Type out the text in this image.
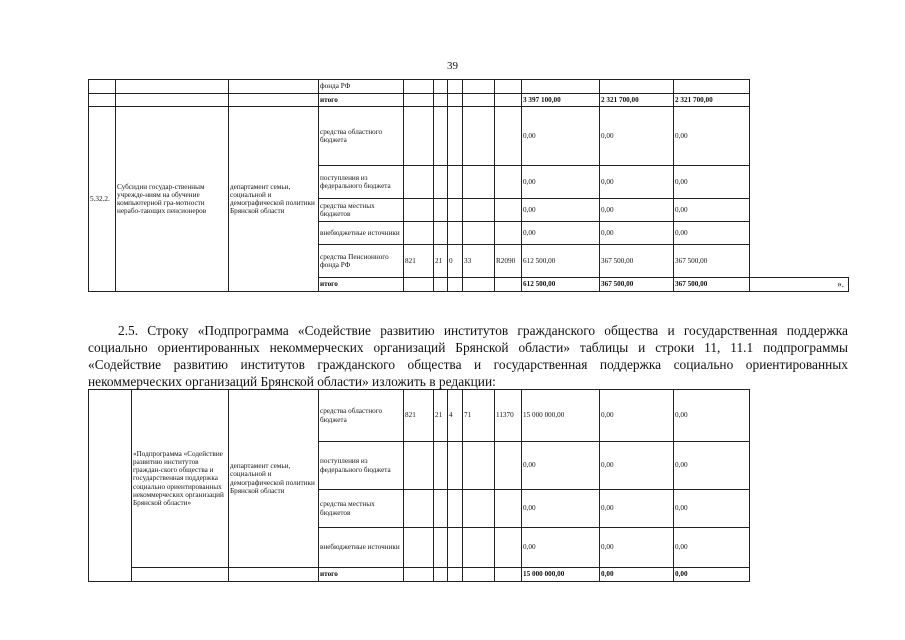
39
			фонда РФ									
			итого						3 397 100,00	2 321 700,00	2 321 700,00	
5.32.2.	Субсидии государ-ственным учрежде-ниям на обучение компьютерной гра-мотности нерабо-тающих пенсионеров	департамент семьи, социальной и демографической политики Брянской области	средства областного бюджета						0,00	0,00	0,00	
			поступления из федерального бюджета						0,00	0,00	0,00	
			средства местных бюджетов						0,00	0,00	0,00	
			внебюджетные источники						0,00	0,00	0,00	
			средства Пенсионного фонда РФ	821	21	0	33	R2090	612 500,00	367 500,00	367 500,00	
			итого						612 500,00	367 500,00	367 500,00	».
2.5. Строку «Подпрограмма «Содействие развитию институтов гражданского общества и государственная поддержка социально ориентированных некоммерческих организаций Брянской области» таблицы и строки 11, 11.1 подпрограммы «Содействие развитию институтов гражданского общества и государственная поддержка социально ориентированных некоммерческих организаций Брянской области» изложить в редакции:
	«Подпрограмма «Содействие развитию институтов граждан-ского общества и государственная поддержка социально ориентированных некоммерческих организаций Брянской области»	департамент семьи, социальной и демографической политики Брянской области	средства областного бюджета	821	21	4	71	11370	15 000 000,00	0,00	0,00	
			поступления из федерального бюджета						0,00	0,00	0,00	
			средства местных бюджетов						0,00	0,00	0,00	
			внебюджетные источники						0,00	0,00	0,00	
			итого						15 000 000,00	0,00	0,00	
